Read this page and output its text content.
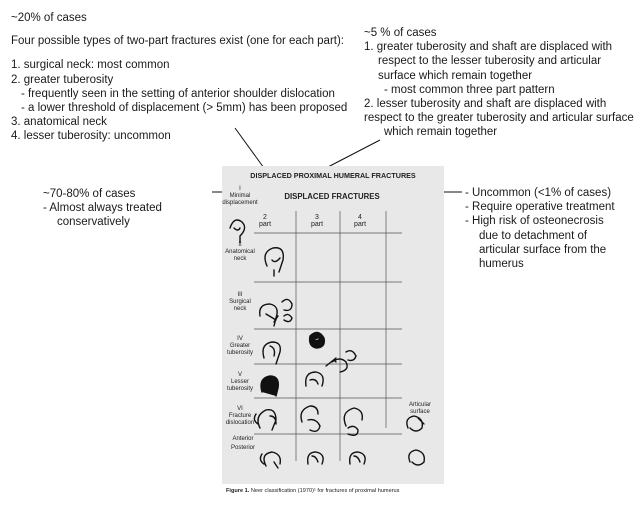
~20% of cases
Four possible types of two-part fractures exist (one for each part):
1. surgical neck: most common
2. greater tuberosity
- frequently seen in the setting of anterior shoulder dislocation
- a lower threshold of displacement (> 5mm) has been proposed
3. anatomical neck
4. lesser tuberosity: uncommon
~5 % of cases
1. greater tuberosity and shaft are displaced with
respect to the lesser tuberosity and articular
surface which remain together
- most common three part pattern
2. lesser tuberosity and shaft are displaced with
respect to the greater tuberosity and articular surface
which remain together
~70-80% of cases
- Almost always treated
conservatively
- Uncommon (<1% of cases)
- Require operative treatment
- High risk of osteonecrosis
due to detachment of
articular surface from the
humerus
DISPLACED PROXIMAL HUMERAL FRACTURES
DISPLACED FRACTURES
2
part
3
part
4
part
I
Minimal
displacement
II
Anatomical
neck
III
Surgical
neck
IV
Greater
tuberosity
V
Lesser
tuberosity
VI
Fracture
dislocation
Anterior
Posterior
Articular
surface
Figure 1. Neer classification (1970)¹ for fractures of proximal humerus
